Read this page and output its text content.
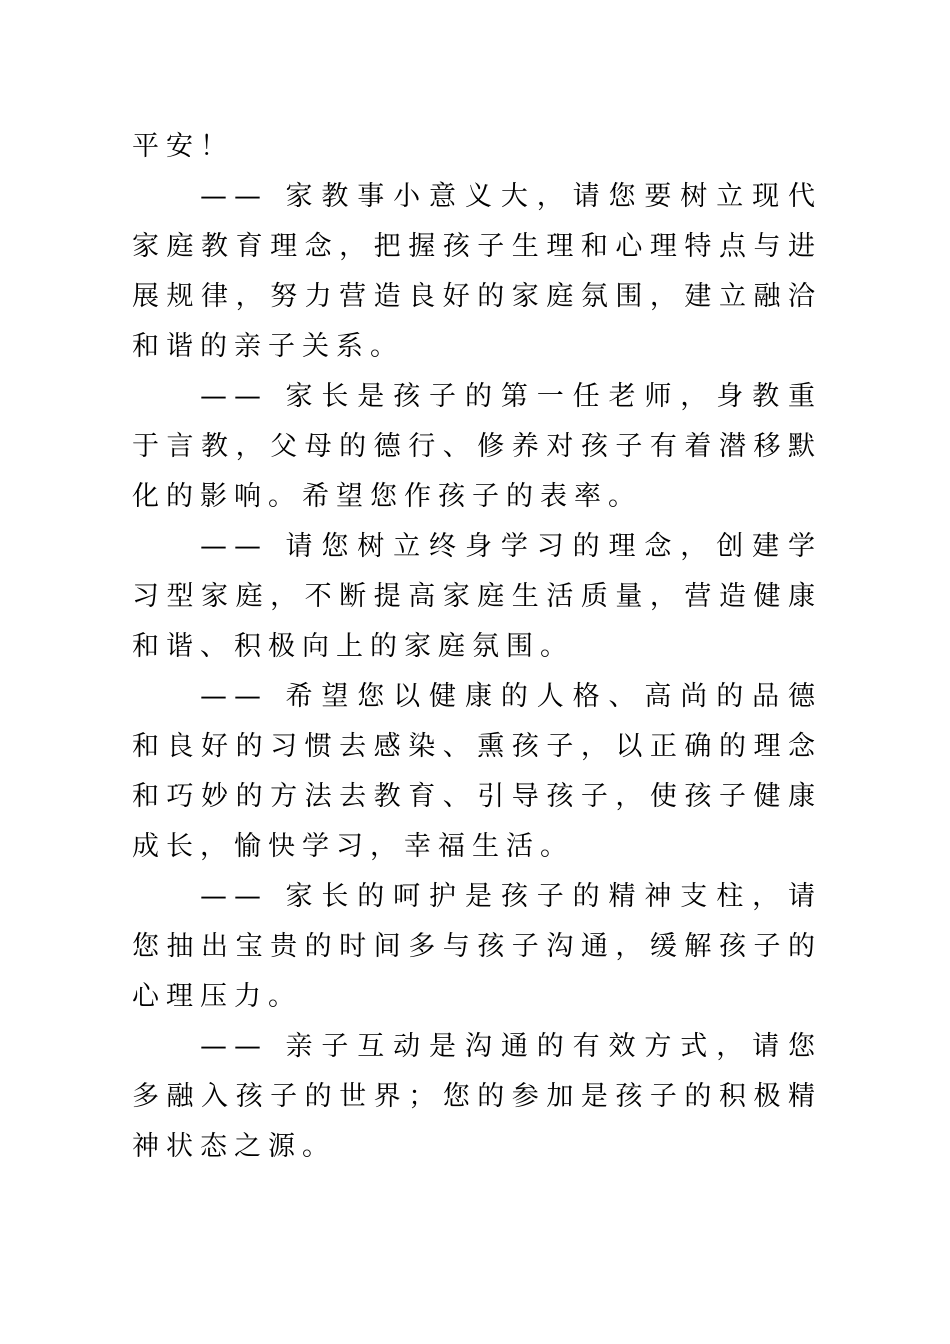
平安！

—— 家教事小意义大，请您要树立现代家庭教育理念，把握孩子生理和心理特点与进展规律，努力营造良好的家庭氛围，建立融洽和谐的亲子关系。

—— 家长是孩子的第一任老师，身教重于言教，父母的德行、修养对孩子有着潜移默化的影响。希望您作孩子的表率。

—— 请您树立终身学习的理念，创建学习型家庭，不断提高家庭生活质量，营造健康和谐、积极向上的家庭氛围。

—— 希望您以健康的人格、高尚的品德和良好的习惯去感染、熏孩子，以正确的理念和巧妙的方法去教育、引导孩子，使孩子健康成长，愉快学习，幸福生活。

—— 家长的呵护是孩子的精神支柱，请您抽出宝贵的时间多与孩子沟通，缓解孩子的心理压力。

—— 亲子互动是沟通的有效方式，请您多融入孩子的世界；您的参加是孩子的积极精神状态之源。
